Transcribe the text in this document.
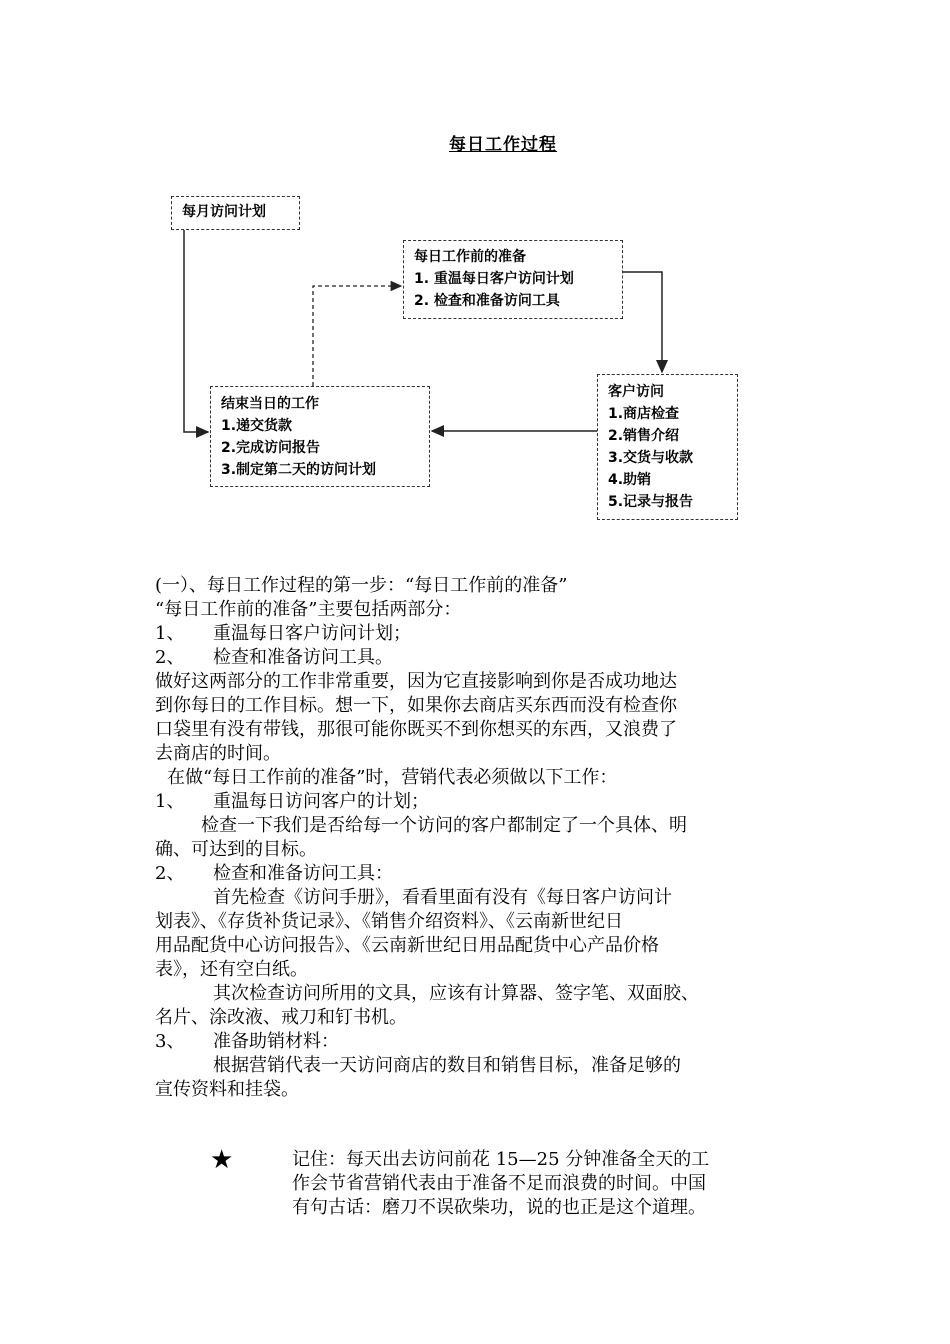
每日工作过程
每月访问计划
每日工作前的准备
1. 重温每日客户访问计划
2. 检查和准备访问工具
客户访问
1.商店检查
2.销售介绍
3.交货与收款
4.助销
5.记录与报告
结束当日的工作
1.递交货款
2.完成访问报告
3.制定第二天的访问计划

(一）、每日工作过程的第一步：“每日工作前的准备”

“每日工作前的准备”主要包括两部分：

1、 重温每日客户访问计划；

2、 检查和准备访问工具。

做好这两部分的工作非常重要，因为它直接影响到你是否成功地达

到你每日的工作目标。想一下，如果你去商店买东西而没有检查你

口袋里有没有带钱，那很可能你既买不到你想买的东西，又浪费了

去商店的时间。

在做“每日工作前的准备”时，营销代表必须做以下工作：

1、 重温每日访问客户的计划；

检查一下我们是否给每一个访问的客户都制定了一个具体、明

确、可达到的目标。

2、 检查和准备访问工具：

首先检查《访问手册》，看看里面有没有《每日客户访问计

划表》、《存货补货记录》、《销售介绍资料》、《云南新世纪日

用品配货中心访问报告》、《云南新世纪日用品配货中心产品价格

表》，还有空白纸。

其次检查访问所用的文具，应该有计算器、签字笔、双面胶、

名片、涂改液、戒刀和钉书机。

3、 准备助销材料：

根据营销代表一天访问商店的数目和销售目标，准备足够的

宣传资料和挂袋。

★	记住：每天出去访问前花 15—25 分钟准备全天的工

作会节省营销代表由于准备不足而浪费的时间。中国

有句古话：磨刀不误砍柴功，说的也正是这个道理。
